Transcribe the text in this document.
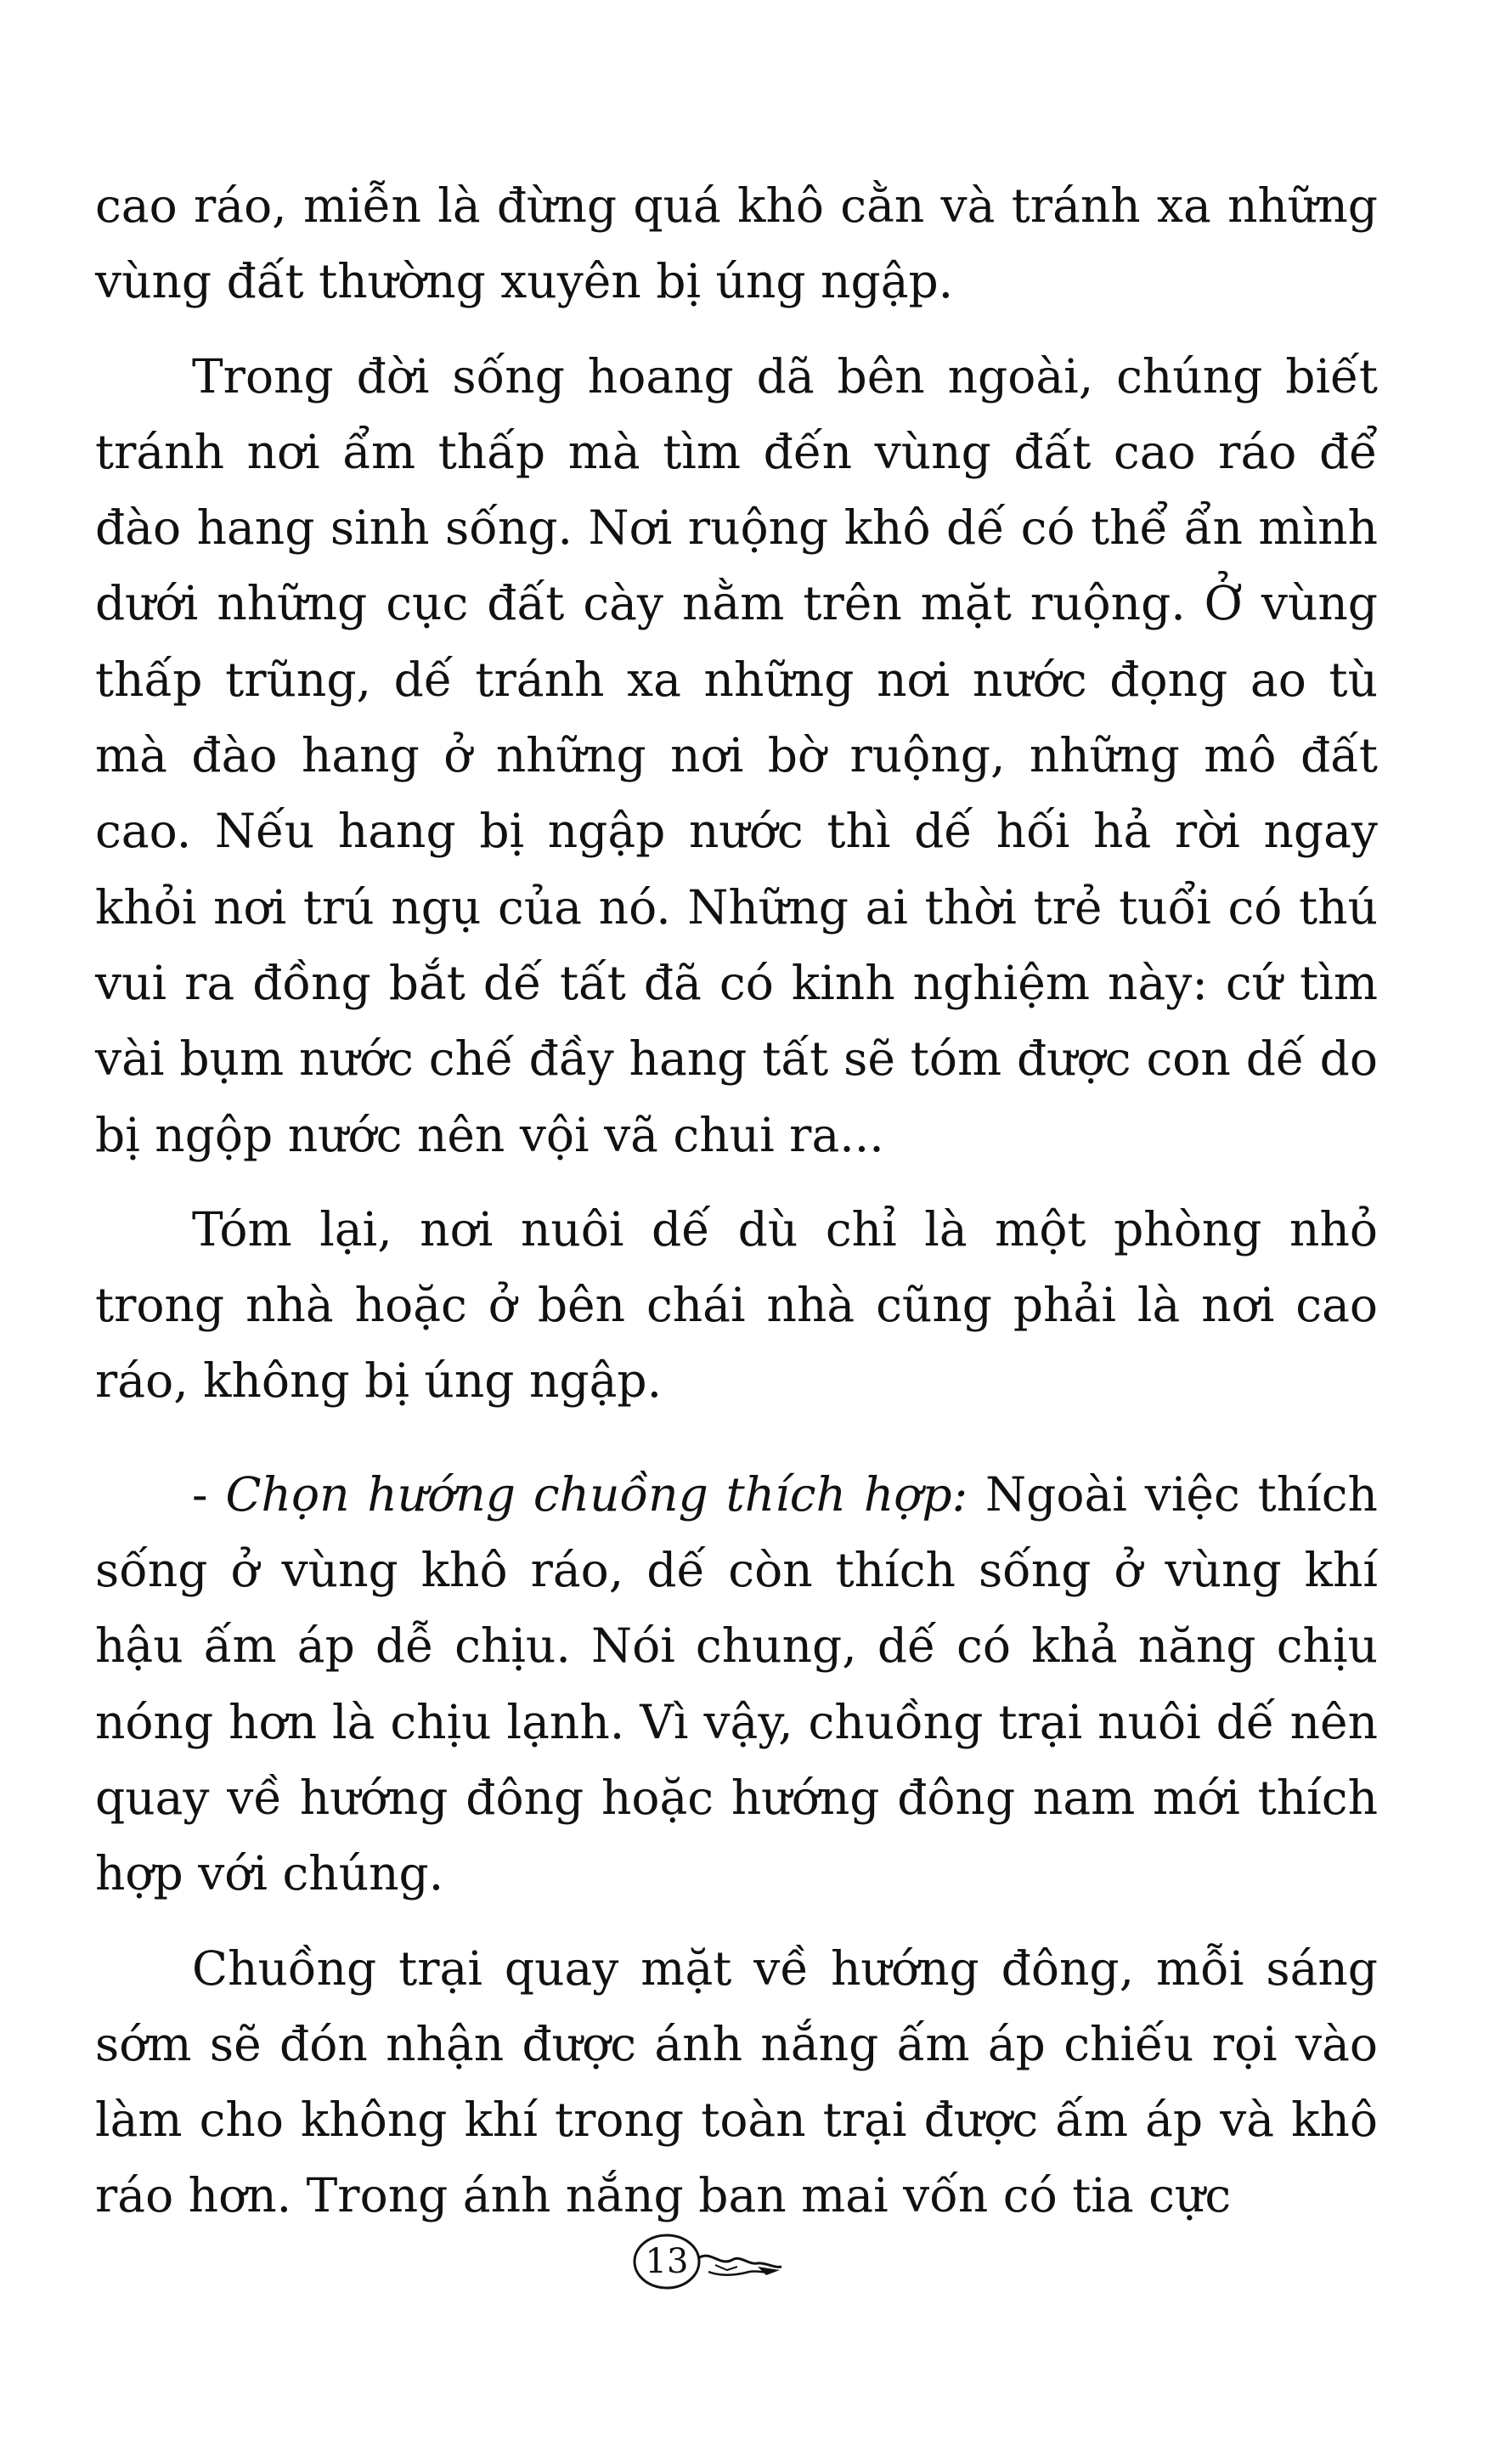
cao ráo, miễn là đừng quá khô cằn và tránh xa những vùng đất thường xuyên bị úng ngập.

Trong đời sống hoang dã bên ngoài, chúng biết tránh nơi ẩm thấp mà tìm đến vùng đất cao ráo để đào hang sinh sống. Nơi ruộng khô dế có thể ẩn mình dưới những cục đất cày nằm trên mặt ruộng. Ở vùng thấp trũng, dế tránh xa những nơi nước đọng ao tù mà đào hang ở những nơi bờ ruộng, những mô đất cao. Nếu hang bị ngập nước thì dế hối hả rời ngay khỏi nơi trú ngụ của nó. Những ai thời trẻ tuổi có thú vui ra đồng bắt dế tất đã có kinh nghiệm này: cứ tìm vài bụm nước chế đầy hang tất sẽ tóm được con dế do bị ngộp nước nên vội vã chui ra...

Tóm lại, nơi nuôi dế dù chỉ là một phòng nhỏ trong nhà hoặc ở bên chái nhà cũng phải là nơi cao ráo, không bị úng ngập.

- Chọn hướng chuồng thích hợp: Ngoài việc thích sống ở vùng khô ráo, dế còn thích sống ở vùng khí hậu ấm áp dễ chịu. Nói chung, dế có khả năng chịu nóng hơn là chịu lạnh. Vì vậy, chuồng trại nuôi dế nên quay về hướng đông hoặc hướng đông nam mới thích hợp với chúng.

Chuồng trại quay mặt về hướng đông, mỗi sáng sớm sẽ đón nhận được ánh nắng ấm áp chiếu rọi vào làm cho không khí trong toàn trại được ấm áp và khô ráo hơn. Trong ánh nắng ban mai vốn có tia cực

13
